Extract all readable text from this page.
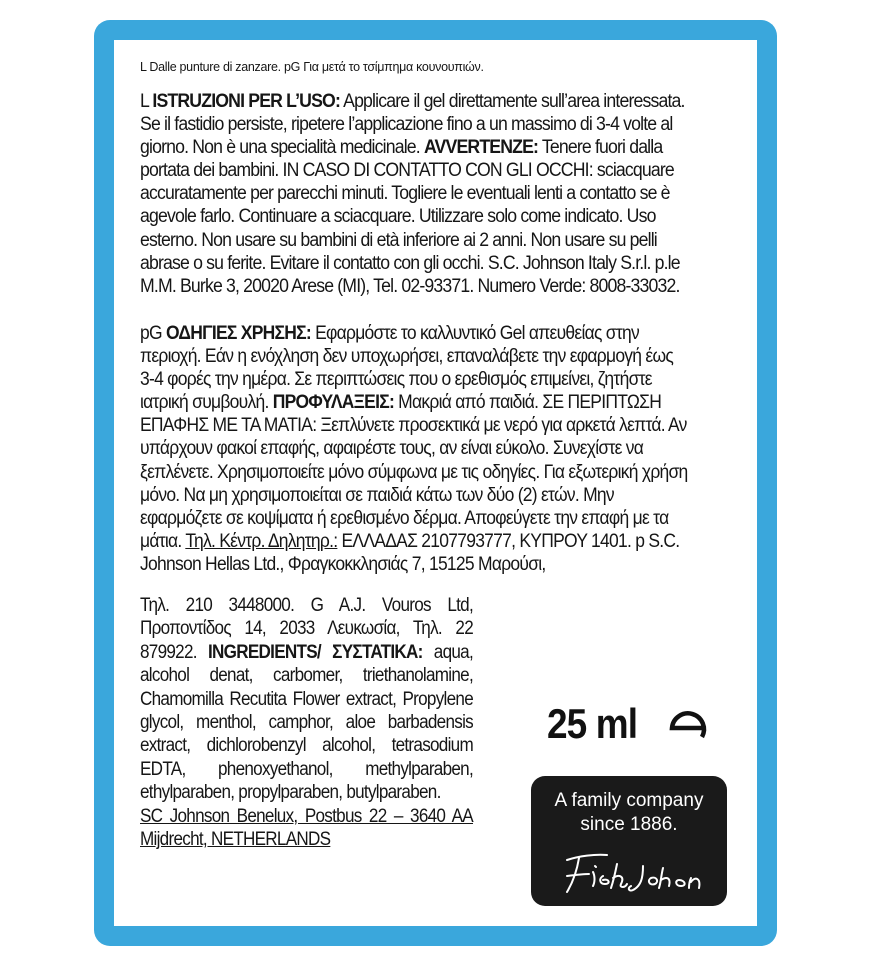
L Dalle punture di zanzare. pG Για μετά το τσίμπημα κουνουπιών.
L ISTRUZIONI PER L’USO: Applicare il gel direttamente sull’area interessata. Se il fastidio persiste, ripetere l’applicazione fino a un massimo di 3-4 volte al giorno. Non è una specialità medicinale. AVVERTENZE: Tenere fuori dalla portata dei bambini. IN CASO DI CONTATTO CON GLI OCCHI: sciacquare accuratamente per parecchi minuti. Togliere le eventuali lenti a contatto se è agevole farlo. Continuare a sciacquare. Utilizzare solo come indicato. Uso esterno. Non usare su bambini di età inferiore ai 2 anni. Non usare su pelli abrase o su ferite. Evitare il contatto con gli occhi. S.C. Johnson Italy S.r.l. p.le M.M. Burke 3, 20020 Arese (MI), Tel. 02-93371. Numero Verde: 8008-33032.
pG ΟΔΗΓΙΕΣ ΧΡΗΣΗΣ: Εφαρμόστε το καλλυντικό Gel απευθείας στην περιοχή. Εάν η ενόχληση δεν υποχωρήσει, επαναλάβετε την εφαρμογή έως 3-4 φορές την ημέρα. Σε περιπτώσεις που ο ερεθισμός επιμείνει, ζητήστε ιατρική συμβουλή. ΠΡΟΦΥΛΑΞΕΙΣ: Μακριά από παιδιά. ΣΕ ΠΕΡΙΠΤΩΣΗ ΕΠΑΦΗΣ ΜΕ ΤΑ ΜΑΤΙΑ: Ξεπλύνετε προσεκτικά με νερό για αρκετά λεπτά. Αν υπάρχουν φακοί επαφής, αφαιρέστε τους, αν είναι εύκολο. Συνεχίστε να ξεπλένετε. Χρησιμοποιείτε μόνο σύμφωνα με τις οδηγίες. Για εξωτερική χρήση μόνο. Να μη χρησιμοποιείται σε παιδιά κάτω των δύο (2) ετών. Μην εφαρμόζετε σε κοψίματα ή ερεθισμένο δέρμα. Αποφεύγετε την επαφή με τα μάτια. Τηλ. Κέντρ. Δηλητηρ.: ΕΛΛΑΔΑΣ 2107793777, ΚΥΠΡΟΥ 1401. p S.C. Johnson Hellas Ltd., Φραγκοκκλησιάς 7, 15125 Μαρούσι,
Τηλ. 210 3448000. G A.J. Vouros Ltd, Προποντίδος 14, 2033 Λευκωσία, Τηλ. 22 879922. INGREDIENTS/ ΣΥΣΤΑΤΙΚΑ: aqua, alcohol denat, carbomer, triethanolamine, Chamomilla Recutita Flower extract, Propylene glycol, menthol, camphor, aloe barbadensis extract, dichlorobenzyl alcohol, tetrasodium EDTA, phenoxyethanol, methylparaben, ethylparaben, propylparaben, butylparaben.
SC Johnson Benelux, Postbus 22 – 3640 AA Mijdrecht, NETHERLANDS
25 ml
A family company
since 1886.
